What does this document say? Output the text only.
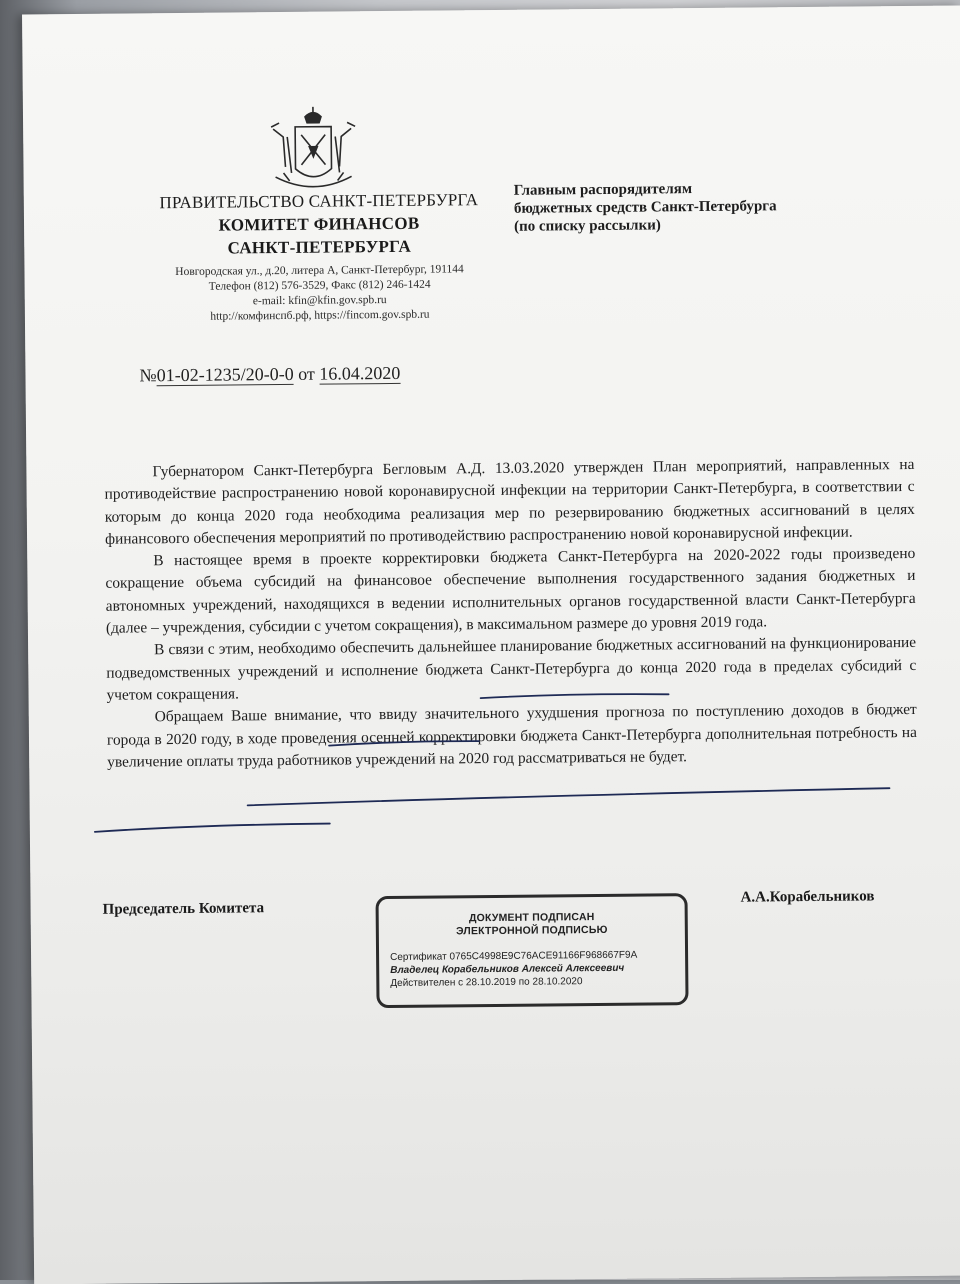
ПРАВИТЕЛЬСТВО САНКТ-ПЕТЕРБУРГА
КОМИТЕТ ФИНАНСОВ
САНКТ-ПЕТЕРБУРГА
Новгородская ул., д.20, литера А, Санкт-Петербург, 191144
Телефон (812) 576-3529, Факс (812) 246-1424
e-mail: kfin@kfin.gov.spb.ru
http://комфинспб.рф, https://fincom.gov.spb.ru
Главным распорядителям
бюджетных средств Санкт-Петербурга
(по списку рассылки)
№01-02-1235/20-0-0 от 16.04.2020

Губернатором Санкт-Петербурга Бегловым А.Д. 13.03.2020 утвержден План мероприятий, направленных на противодействие распространению новой коронавирусной инфекции на территории Санкт-Петербурга, в соответствии с которым до конца 2020 года необходима реализация мер по резервированию бюджетных ассигнований в целях финансового обеспечения мероприятий по противодействию распространению новой коронавирусной инфекции.

В настоящее время в проекте корректировки бюджета Санкт-Петербурга на 2020-2022 годы произведено сокращение объема субсидий на финансовое обеспечение выполнения государственного задания бюджетных и автономных учреждений, находящихся в ведении исполнительных органов государственной власти Санкт-Петербурга (далее – учреждения, субсидии с учетом сокращения), в максимальном размере до уровня 2019 года.

В связи с этим, необходимо обеспечить дальнейшее планирование бюджетных ассигнований на функционирование подведомственных учреждений и исполнение бюджета Санкт-Петербурга до конца 2020 года в пределах субсидий с учетом сокращения.

Обращаем Ваше внимание, что ввиду значительного ухудшения прогноза по поступлению доходов в бюджет города в 2020 году, в ходе проведения осенней корректировки бюджета Санкт-Петербурга дополнительная потребность на увеличение оплаты труда работников учреждений на 2020 год рассматриваться не будет.

Председатель Комитета
А.А.Корабельников
ДОКУМЕНТ ПОДПИСАН
ЭЛЕКТРОННОЙ ПОДПИСЬЮ
Сертификат 0765C4998E9C76ACE91166F968667F9A
Владелец Корабельников Алексей Алексеевич
Действителен с 28.10.2019 по 28.10.2020
